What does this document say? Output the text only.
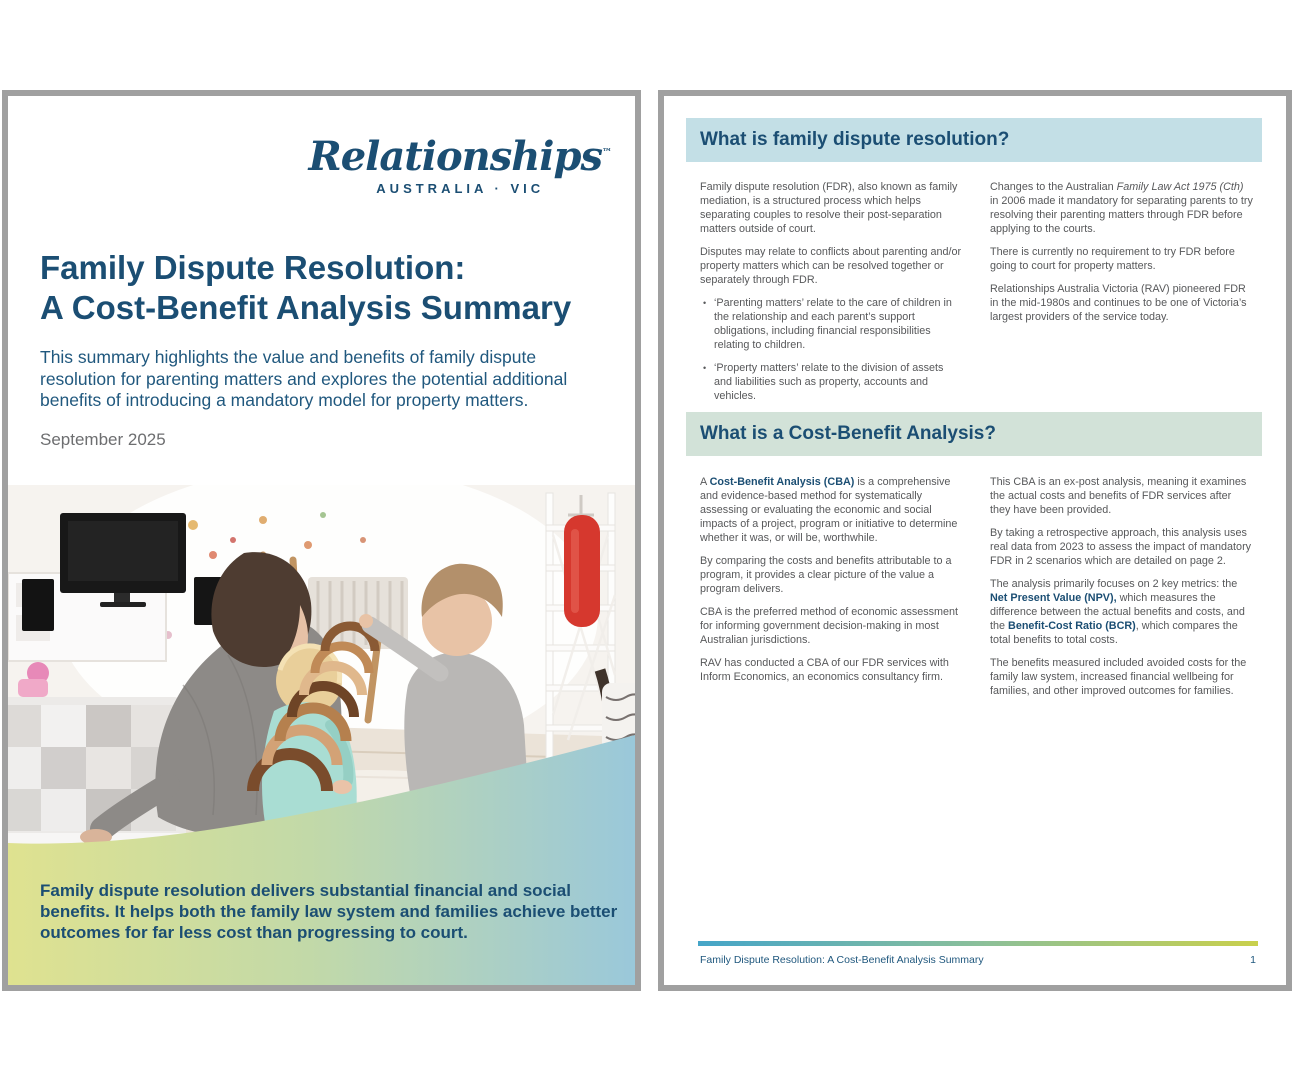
Relationships™
AUSTRALIA · VIC
Family Dispute Resolution:
A Cost-Benefit Analysis Summary
This summary highlights the value and benefits of family dispute resolution for parenting matters and explores the potential additional benefits of introducing a mandatory model for property matters.
September 2025
Family dispute resolution delivers substantial financial and social benefits. It helps both the family law system and families achieve better outcomes for far less cost than progressing to court.
What is family dispute resolution?

Family dispute resolution (FDR), also known as family mediation, is a structured process which helps separating couples to resolve their post-separation matters outside of court.

Disputes may relate to conflicts about parenting and/or property matters which can be resolved together or separately through FDR.

• ‘Parenting matters’ relate to the care of children in the relationship and each parent’s support obligations, including financial responsibilities relating to children.
• ‘Property matters’ relate to the division of assets and liabilities such as property, accounts and vehicles.

Changes to the Australian Family Law Act 1975 (Cth) in 2006 made it mandatory for separating parents to try resolving their parenting matters through FDR before applying to the courts.

There is currently no requirement to try FDR before going to court for property matters.

Relationships Australia Victoria (RAV) pioneered FDR in the mid-1980s and continues to be one of Victoria’s largest providers of the service today.

What is a Cost-Benefit Analysis?

A Cost-Benefit Analysis (CBA) is a comprehensive and evidence-based method for systematically assessing or evaluating the economic and social impacts of a project, program or initiative to determine whether it was, or will be, worthwhile.

By comparing the costs and benefits attributable to a program, it provides a clear picture of the value a program delivers.

CBA is the preferred method of economic assessment for informing government decision-making in most Australian jurisdictions.

RAV has conducted a CBA of our FDR services with Inform Economics, an economics consultancy firm.

This CBA is an ex-post analysis, meaning it examines the actual costs and benefits of FDR services after they have been provided.

By taking a retrospective approach, this analysis uses real data from 2023 to assess the impact of mandatory FDR in 2 scenarios which are detailed on page 2.

The analysis primarily focuses on 2 key metrics: the Net Present Value (NPV), which measures the difference between the actual benefits and costs, and the Benefit-Cost Ratio (BCR), which compares the total benefits to total costs.

The benefits measured included avoided costs for the family law system, increased financial wellbeing for families, and other improved outcomes for families.

Family Dispute Resolution: A Cost-Benefit Analysis Summary	1
